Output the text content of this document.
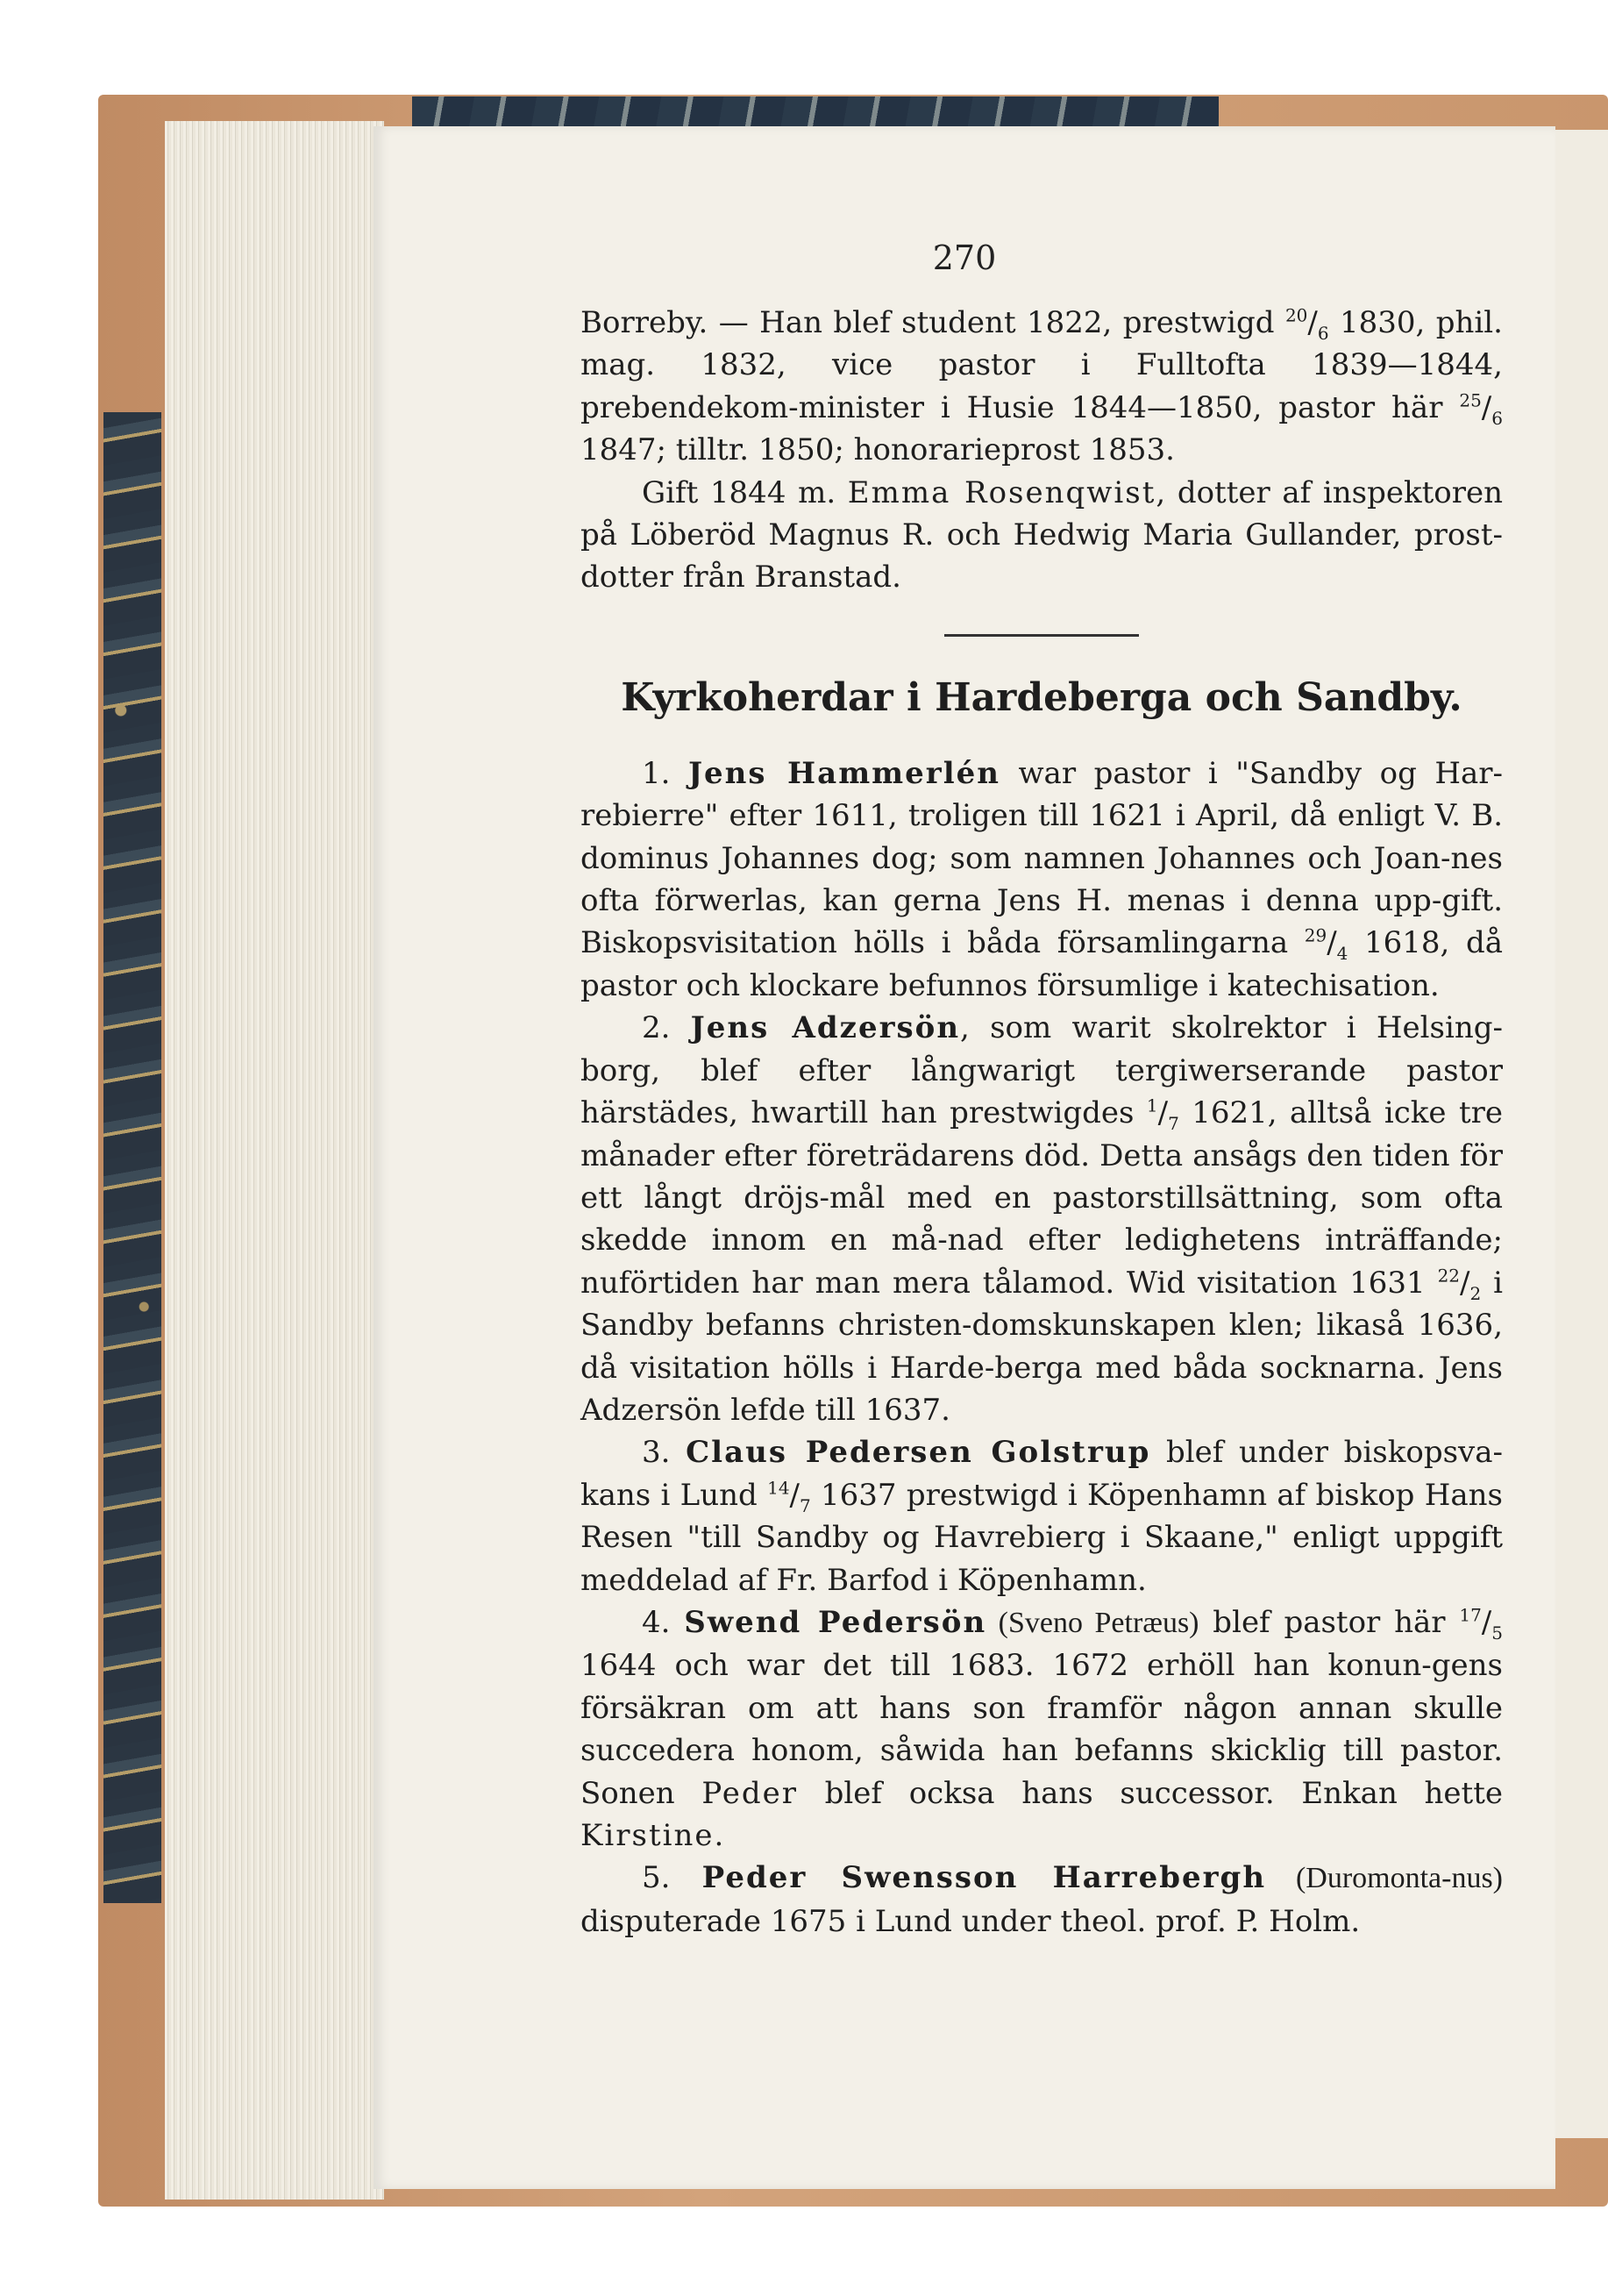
270

Borreby. — Han blef student 1822, prestwigd $^{20}/_6$ 1830, phil. mag. 1832, vice pastor i Fulltofta 1839—1844, prebendekom-minister i Husie 1844—1850, pastor här $^{25}/_6$ 1847; tilltr. 1850; honorarieprost 1853.

Gift 1844 m. Emma Rosenqwist, dotter af inspektoren på Löberöd Magnus R. och Hedwig Maria Gullander, prost-dotter från Branstad.

Kyrkoherdar i Hardeberga och Sandby.

1. Jens Hammerlén war pastor i "Sandby og Har-rebierre" efter 1611, troligen till 1621 i April, då enligt V. B. dominus Johannes dog; som namnen Johannes och Joan-nes ofta förwerlas, kan gerna Jens H. menas i denna upp-gift. Biskopsvisitation hölls i båda församlingarna $^{29}/_4$ 1618, då pastor och klockare befunnos försumlige i katechisation.

2. Jens Adzersön, som warit skolrektor i Helsing-borg, blef efter långwarigt tergiwerserande pastor härstädes, hwartill han prestwigdes $^1/_7$ 1621, alltså icke tre månader efter företrädarens död. Detta ansågs den tiden för ett långt dröjs-mål med en pastorstillsättning, som ofta skedde innom en må-nad efter ledighetens inträffande; nuförtiden har man mera tålamod. Wid visitation 1631 $^{22}/_2$ i Sandby befanns christen-domskunskapen klen; likaså 1636, då visitation hölls i Harde-berga med båda socknarna. Jens Adzersön lefde till 1637.

3. Claus Pedersen Golstrup blef under biskopsva-kans i Lund $^{14}/_7$ 1637 prestwigd i Köpenhamn af biskop Hans Resen "till Sandby og Havrebierg i Skaane," enligt uppgift meddelad af Fr. Barfod i Köpenhamn.

4. Swend Pedersön (Sveno Petræus) blef pastor här $^{17}/_5$ 1644 och war det till 1683. 1672 erhöll han konun-gens försäkran om att hans son framför någon annan skulle succedera honom, såwida han befanns skicklig till pastor. Sonen Peder blef ocksa hans successor. Enkan hette Kirstine.

5. Peder Swensson Harrebergh (Duromonta-nus) disputerade 1675 i Lund under theol. prof. P. Holm.
